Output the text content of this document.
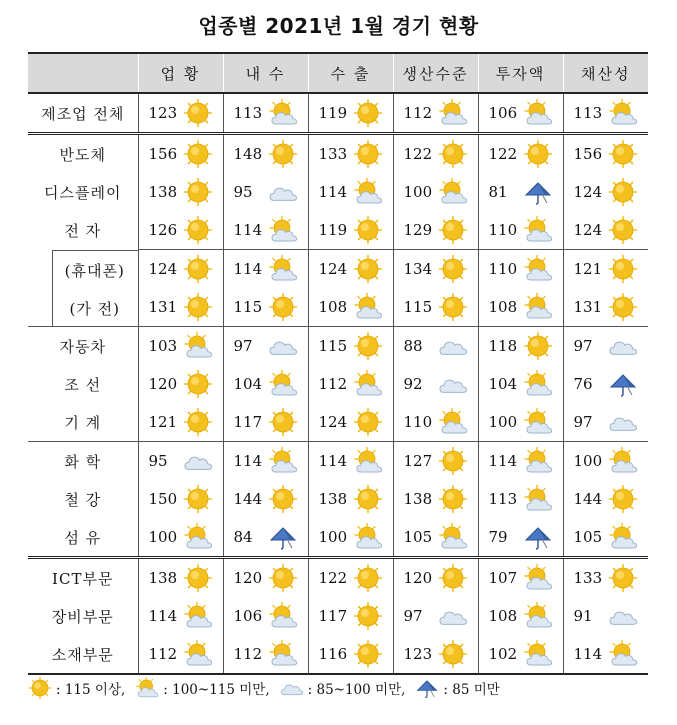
업종별 2021년 1월 경기 현황
	업 황	내 수	수 출	생산수준	투자액	채산성
제조업 전체	123	113	119	112	106	113

반도체	156	148	133	122	122	156

디스플레이	138	95	114	100	81	124

전 자	126	114	119	129	110	124

(휴대폰)	124	114	124	134	110	121

(가 전)	131	115	108	115	108	131

자동차	103	97	115	88	118	97

조 선	120	104	112	92	104	76

기 계	121	117	124	110	100	97

화 학	95	114	114	127	114	100

철 강	150	144	138	138	113	144

섬 유	100	84	100	105	79	105

ICT부문	138	120	122	120	107	133

장비부문	114	106	117	97	108	91

소재부문	112	112	116	123	102	114
: 115 이상,	: 100~115 미만,	: 85~100 미만,	: 85 미만
